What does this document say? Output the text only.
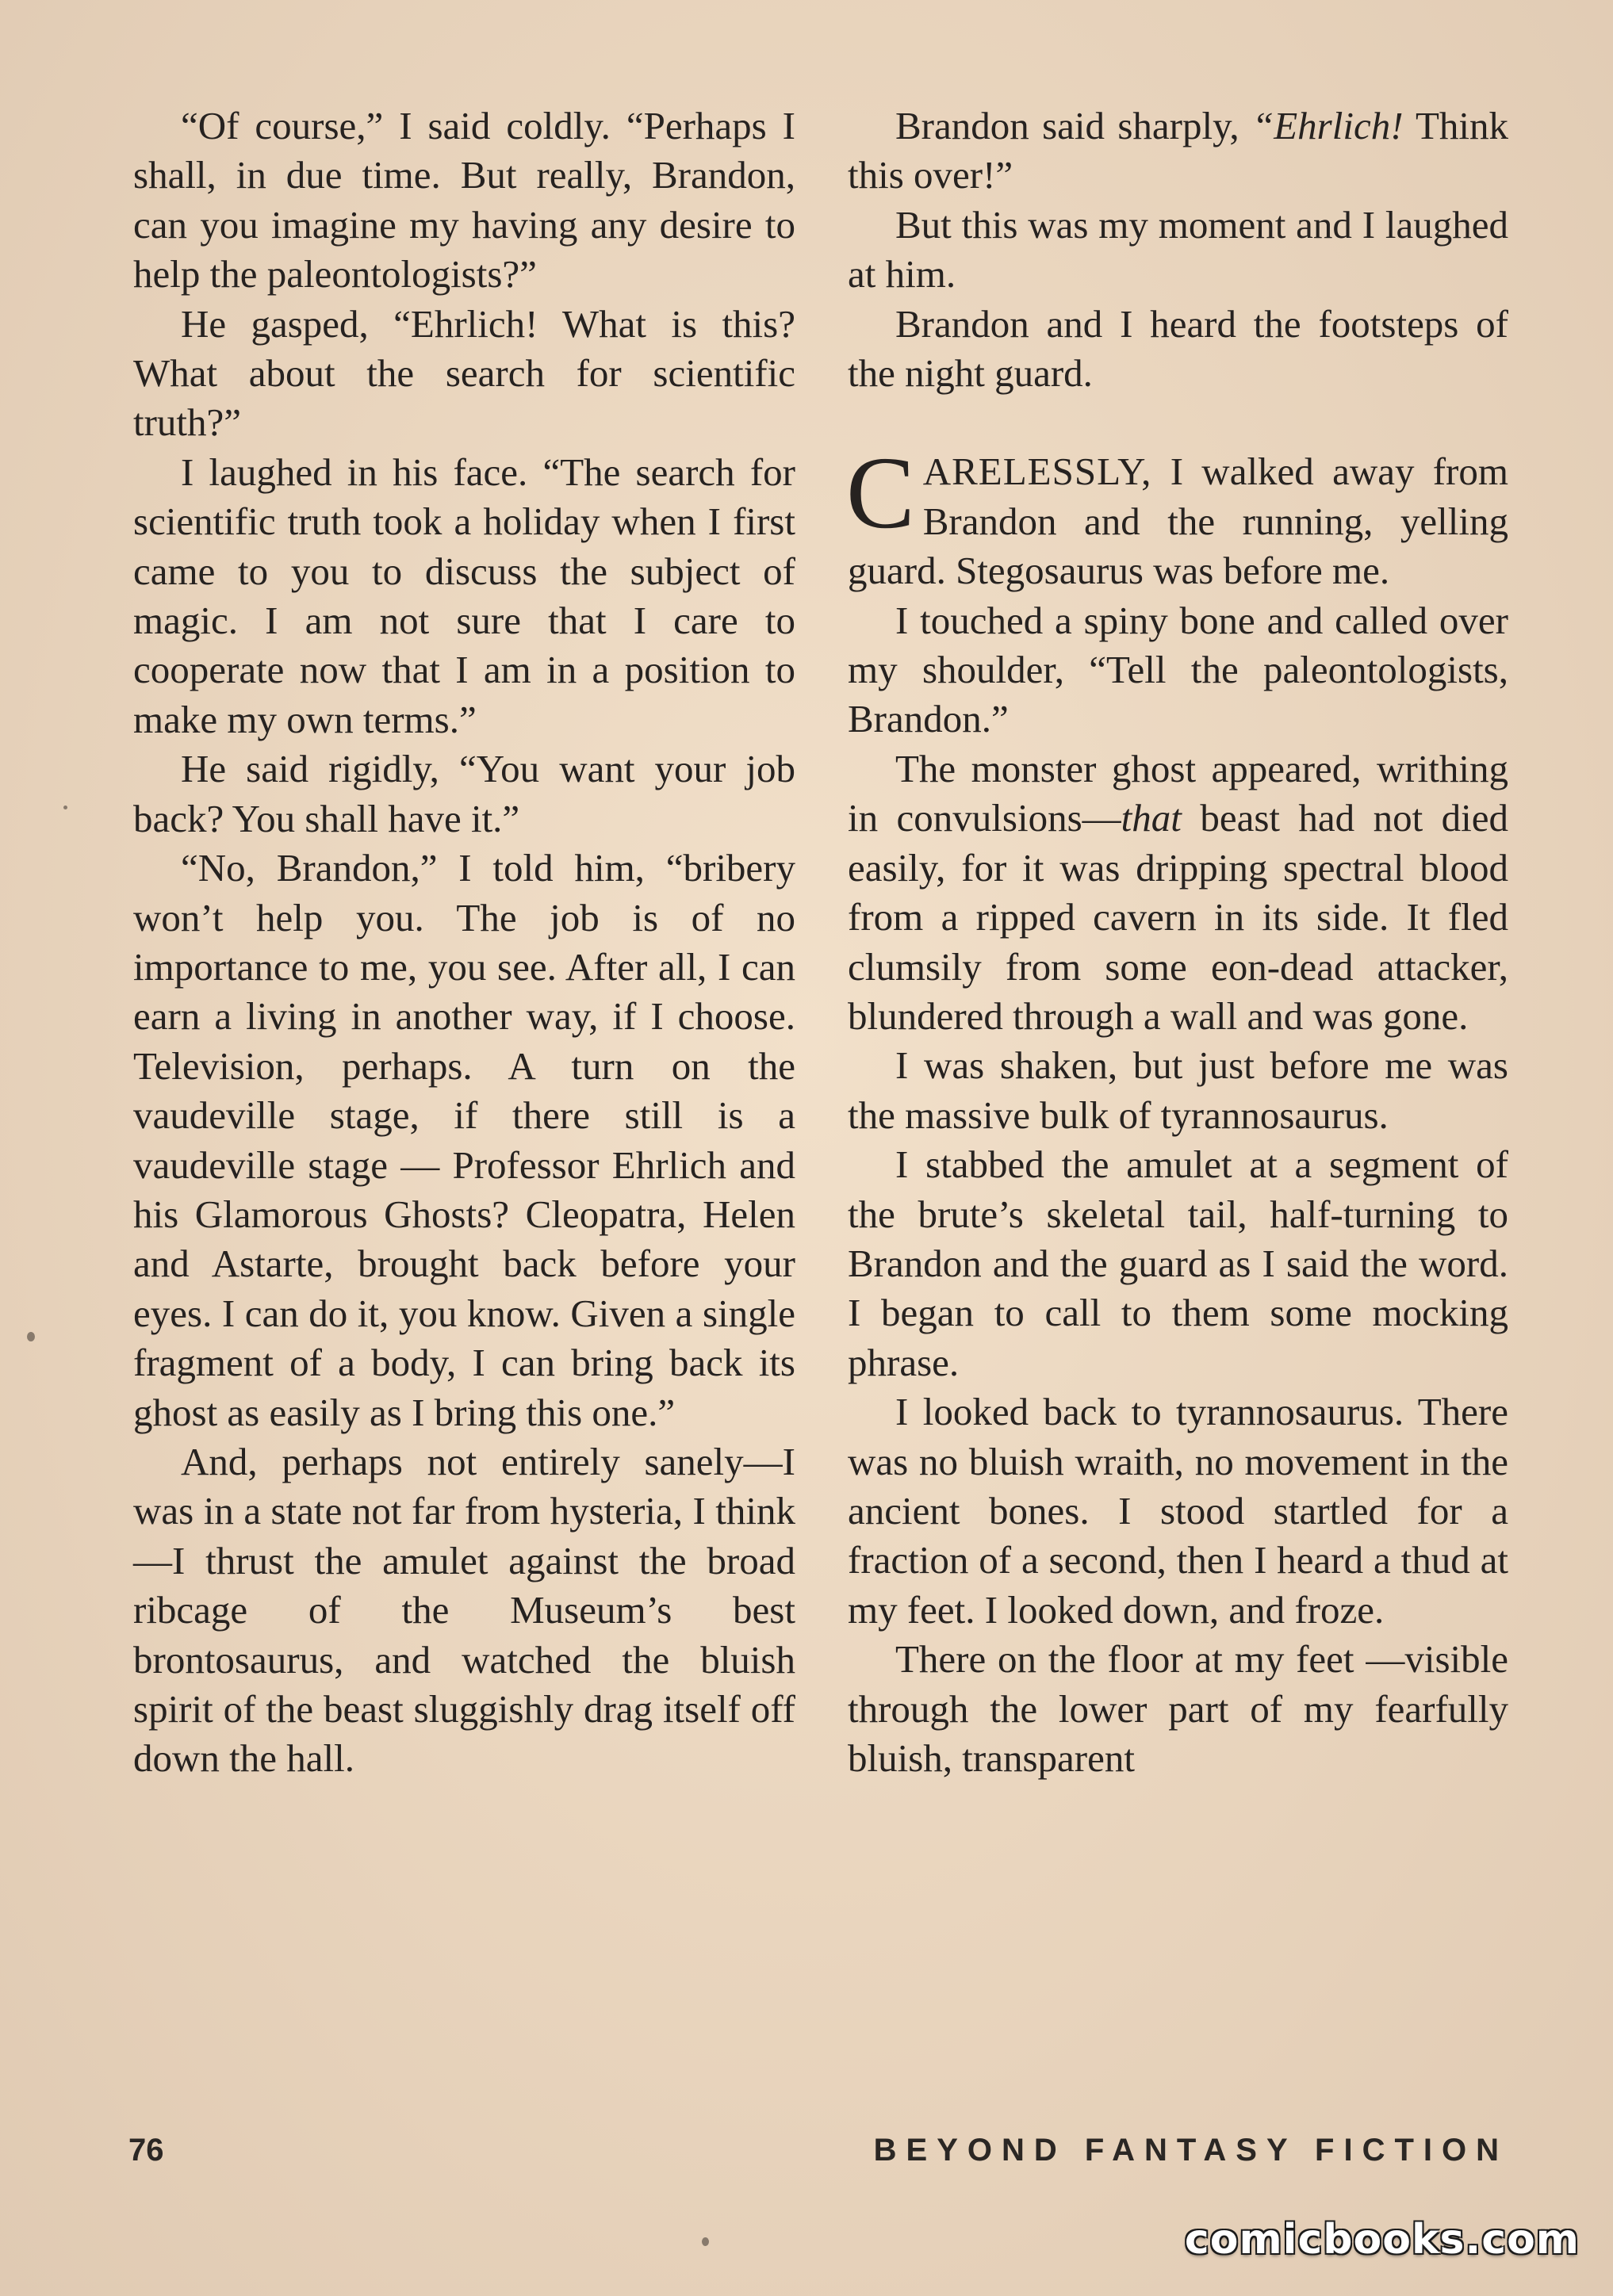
“Of course,” I said coldly. “Perhaps I shall, in due time. But really, Brandon, can you imagine my having any desire to help the paleontologists?”

He gasped, “Ehrlich! What is this? What about the search for scientific truth?”

I laughed in his face. “The search for scientific truth took a holiday when I first came to you to discuss the subject of magic. I am not sure that I care to cooperate now that I am in a position to make my own terms.”

He said rigidly, “You want your job back? You shall have it.”

“No, Brandon,” I told him, “bribery won’t help you. The job is of no importance to me, you see. After all, I can earn a living in another way, if I choose. Television, perhaps. A turn on the vaudeville stage, if there still is a vaudeville stage — Professor Ehrlich and his Glamorous Ghosts? Cleopatra, Helen and Astarte, brought back before your eyes. I can do it, you know. Given a single fragment of a body, I can bring back its ghost as easily as I bring this one.”

And, perhaps not entirely sanely—I was in a state not far from hysteria, I think—I thrust the amulet against the broad ribcage of the Museum’s best brontosaurus, and watched the bluish spirit of the beast sluggishly drag itself off down the hall.

Brandon said sharply, “Ehrlich! Think this over!”

But this was my moment and I laughed at him.

Brandon and I heard the footsteps of the night guard.

CARELESSLY, I walked away from Brandon and the running, yelling guard. Stegosaurus was before me.

I touched a spiny bone and called over my shoulder, “Tell the paleontologists, Brandon.”

The monster ghost appeared, writhing in convulsions—that beast had not died easily, for it was dripping spectral blood from a ripped cavern in its side. It fled clumsily from some eon-dead attacker, blundered through a wall and was gone.

I was shaken, but just before me was the massive bulk of tyrannosaurus.

I stabbed the amulet at a segment of the brute’s skeletal tail, half-turning to Brandon and the guard as I said the word. I began to call to them some mocking phrase.

I looked back to tyrannosaurus. There was no bluish wraith, no movement in the ancient bones. I stood startled for a fraction of a second, then I heard a thud at my feet. I looked down, and froze.

There on the floor at my feet —visible through the lower part of my fearfully bluish, transparent

76	BEYOND FANTASY FICTION
comicbooks.com
